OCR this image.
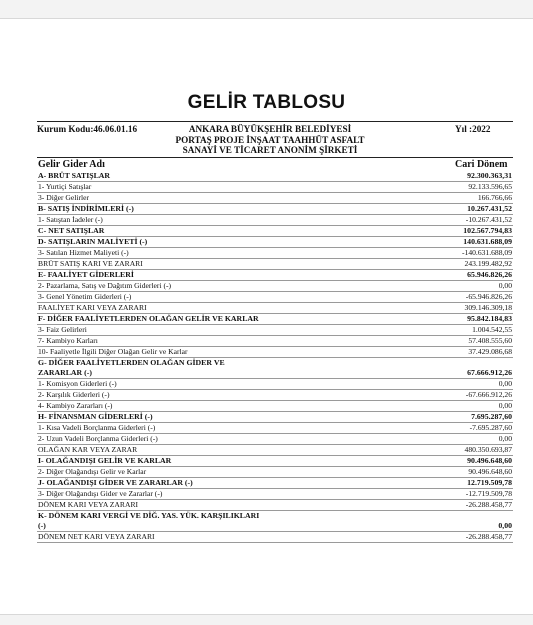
GELİR TABLOSU
Kurum Kodu:46.06.01.16	ANKARA BÜYÜKŞEHİR BELEDİYESİ
PORTAŞ PROJE İNŞAAT TAAHHÜT ASFALT
SANAYİ VE TİCARET ANONİM ŞİRKETİ
Yıl :2022
Gelir Gider Adı	Cari Dönem
A- BRÜT SATIŞLAR	92.300.363,31
1- Yurtiçi Satışlar	92.133.596,65
3- Diğer Gelirler	166.766,66
B- SATIŞ İNDİRİMLERİ (-)	10.267.431,52
1- Satıştan İadeler (-)	-10.267.431,52
C- NET SATIŞLAR	102.567.794,83
D- SATIŞLARIN MALİYETİ (-)	140.631.688,09
3- Satılan Hizmet Maliyeti (-)	-140.631.688,09
BRÜT SATIŞ KARI VE ZARARI	243.199.482,92
E- FAALİYET GİDERLERİ	65.946.826,26
2- Pazarlama, Satış ve Dağıtım Giderleri (-)	0,00
3- Genel Yönetim Giderleri (-)	-65.946.826,26
FAALİYET KARI VEYA ZARARI	309.146.309,18
F- DİĞER FAALİYETLERDEN OLAĞAN GELİR VE KARLAR	95.842.184,83
3- Faiz Gelirleri	1.004.542,55
7- Kambiyo Karları	57.408.555,60
10- Faaliyetle İlgili Diğer Olağan Gelir ve Karlar	37.429.086,68
G- DİĞER FAALİYETLERDEN OLAĞAN GİDER VE ZARARLAR (-)	67.666.912,26
1- Komisyon Giderleri (-)	0,00
2- Karşılık Giderleri (-)	-67.666.912,26
4- Kambiyo Zararları (-)	0,00
H- FİNANSMAN GİDERLERİ (-)	7.695.287,60
1- Kısa Vadeli Borçlanma Giderleri (-)	-7.695.287,60
2- Uzun Vadeli Borçlanma Giderleri (-)	0,00
OLAĞAN KAR VEYA ZARAR	480.350.693,87
I- OLAĞANDIŞI GELİR VE KARLAR	90.496.648,60
2- Diğer Olağandışı Gelir ve Karlar	90.496.648,60
J- OLAĞANDIŞI GİDER VE ZARARLAR (-)	12.719.509,78
3- Diğer Olağandışı Gider ve Zararlar (-)	-12.719.509,78
DÖNEM KARI VEYA ZARARI	-26.288.458,77
K- DÖNEM KARI VERGİ VE DİĞ. YAS. YÜK. KARŞILIKLARI (-)	0,00
DÖNEM NET KARI VEYA ZARARI	-26.288.458,77
